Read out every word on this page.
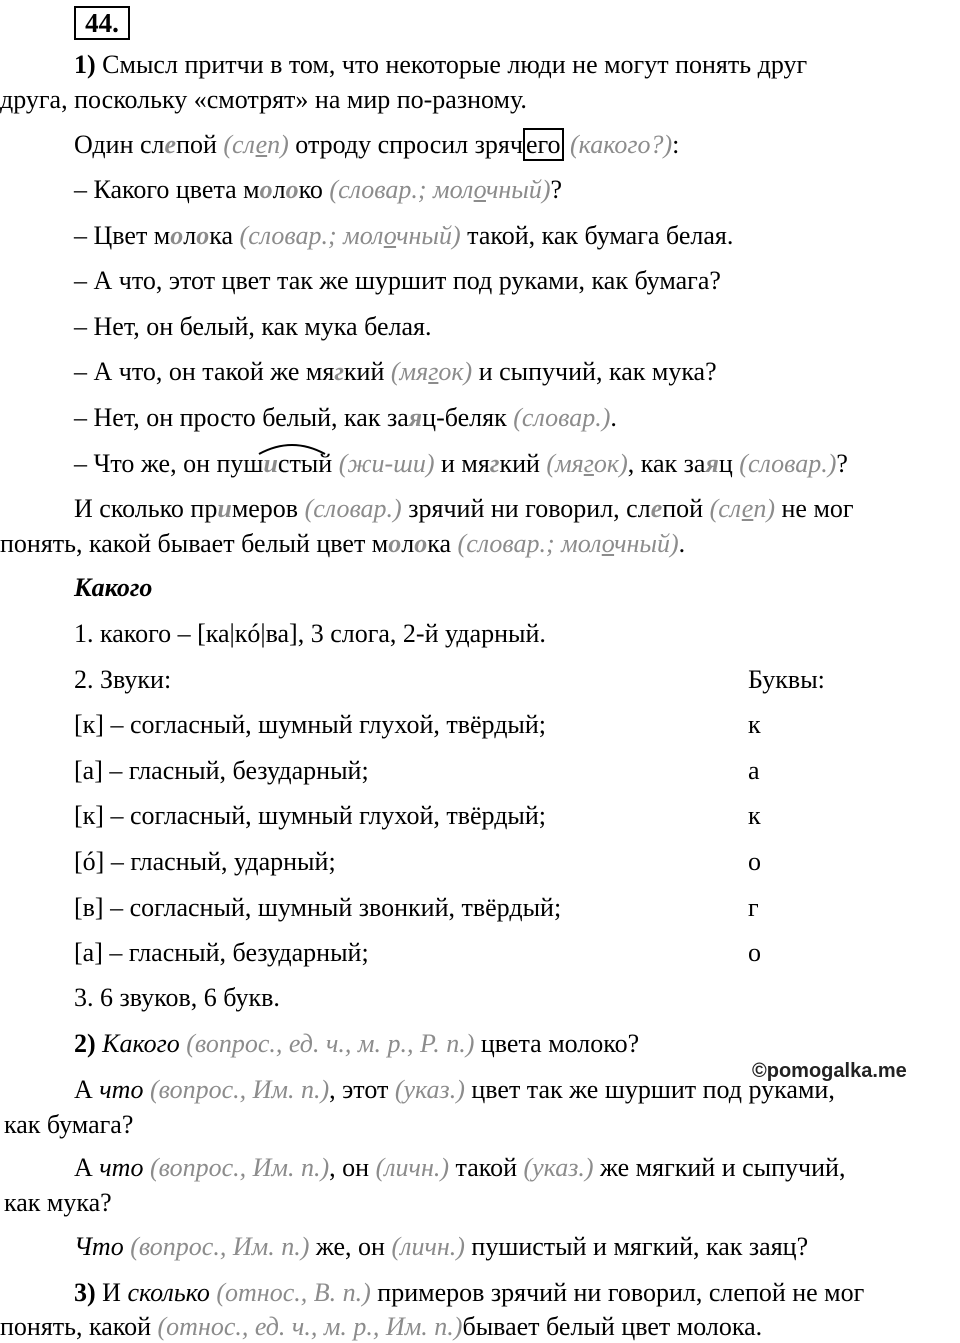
44.
1) Смысл притчи в том, что некоторые люди не могут понять друг
друга, поскольку «смотрят» на мир по-разному.
Один слепой (слеп) отроду спросил зряч его (какого?):
– Какого цвета молоко (словар.; молочный)?
– Цвет молока (словар.; молочный) такой, как бумага белая.
– А что, этот цвет так же шуршит под руками, как бумага?
– Нет, он белый, как мука белая.
– А что, он такой же мягкий (мягок) и сыпучий, как мука?
– Нет, он просто белый, как заяц-беляк (словар.).
– Что же, он пушистый (жи-ши) и мягкий (мягок), как заяц (словар.)?
И сколько примеров (словар.) зрячий ни говорил, слепой (слеп) не мог
понять, какой бывает белый цвет молока (словар.; молочный).
Какого
1. какого – [ка|кó|ва], 3 слога, 2-й ударный.
2. Звуки:	Буквы:
[к] – согласный, шумный глухой, твёрдый;	к
[а] – гласный, безударный;	а
[к] – согласный, шумный глухой, твёрдый;	к
[ó] – гласный, ударный;	о
[в] – согласный, шумный звонкий, твёрдый;	г
[а] – гласный, безударный;	о
3. 6 звуков, 6 букв.
2) Какого (вопрос., ед. ч., м. р., Р. п.) цвета молоко?
©pomogalka.me
А что (вопрос., Им. п.), этот (указ.) цвет так же шуршит под руками,
как бумага?
А что (вопрос., Им. п.), он (личн.) такой (указ.) же мягкий и сыпучий,
как мука?
Что (вопрос., Им. п.) же, он (личн.) пушистый и мягкий, как заяц?
3) И сколько (относ., В. п.) примеров зрячий ни говорил, слепой не мог
понять, какой (относ., ед. ч., м. р., Им. п.)бывает белый цвет молока.
